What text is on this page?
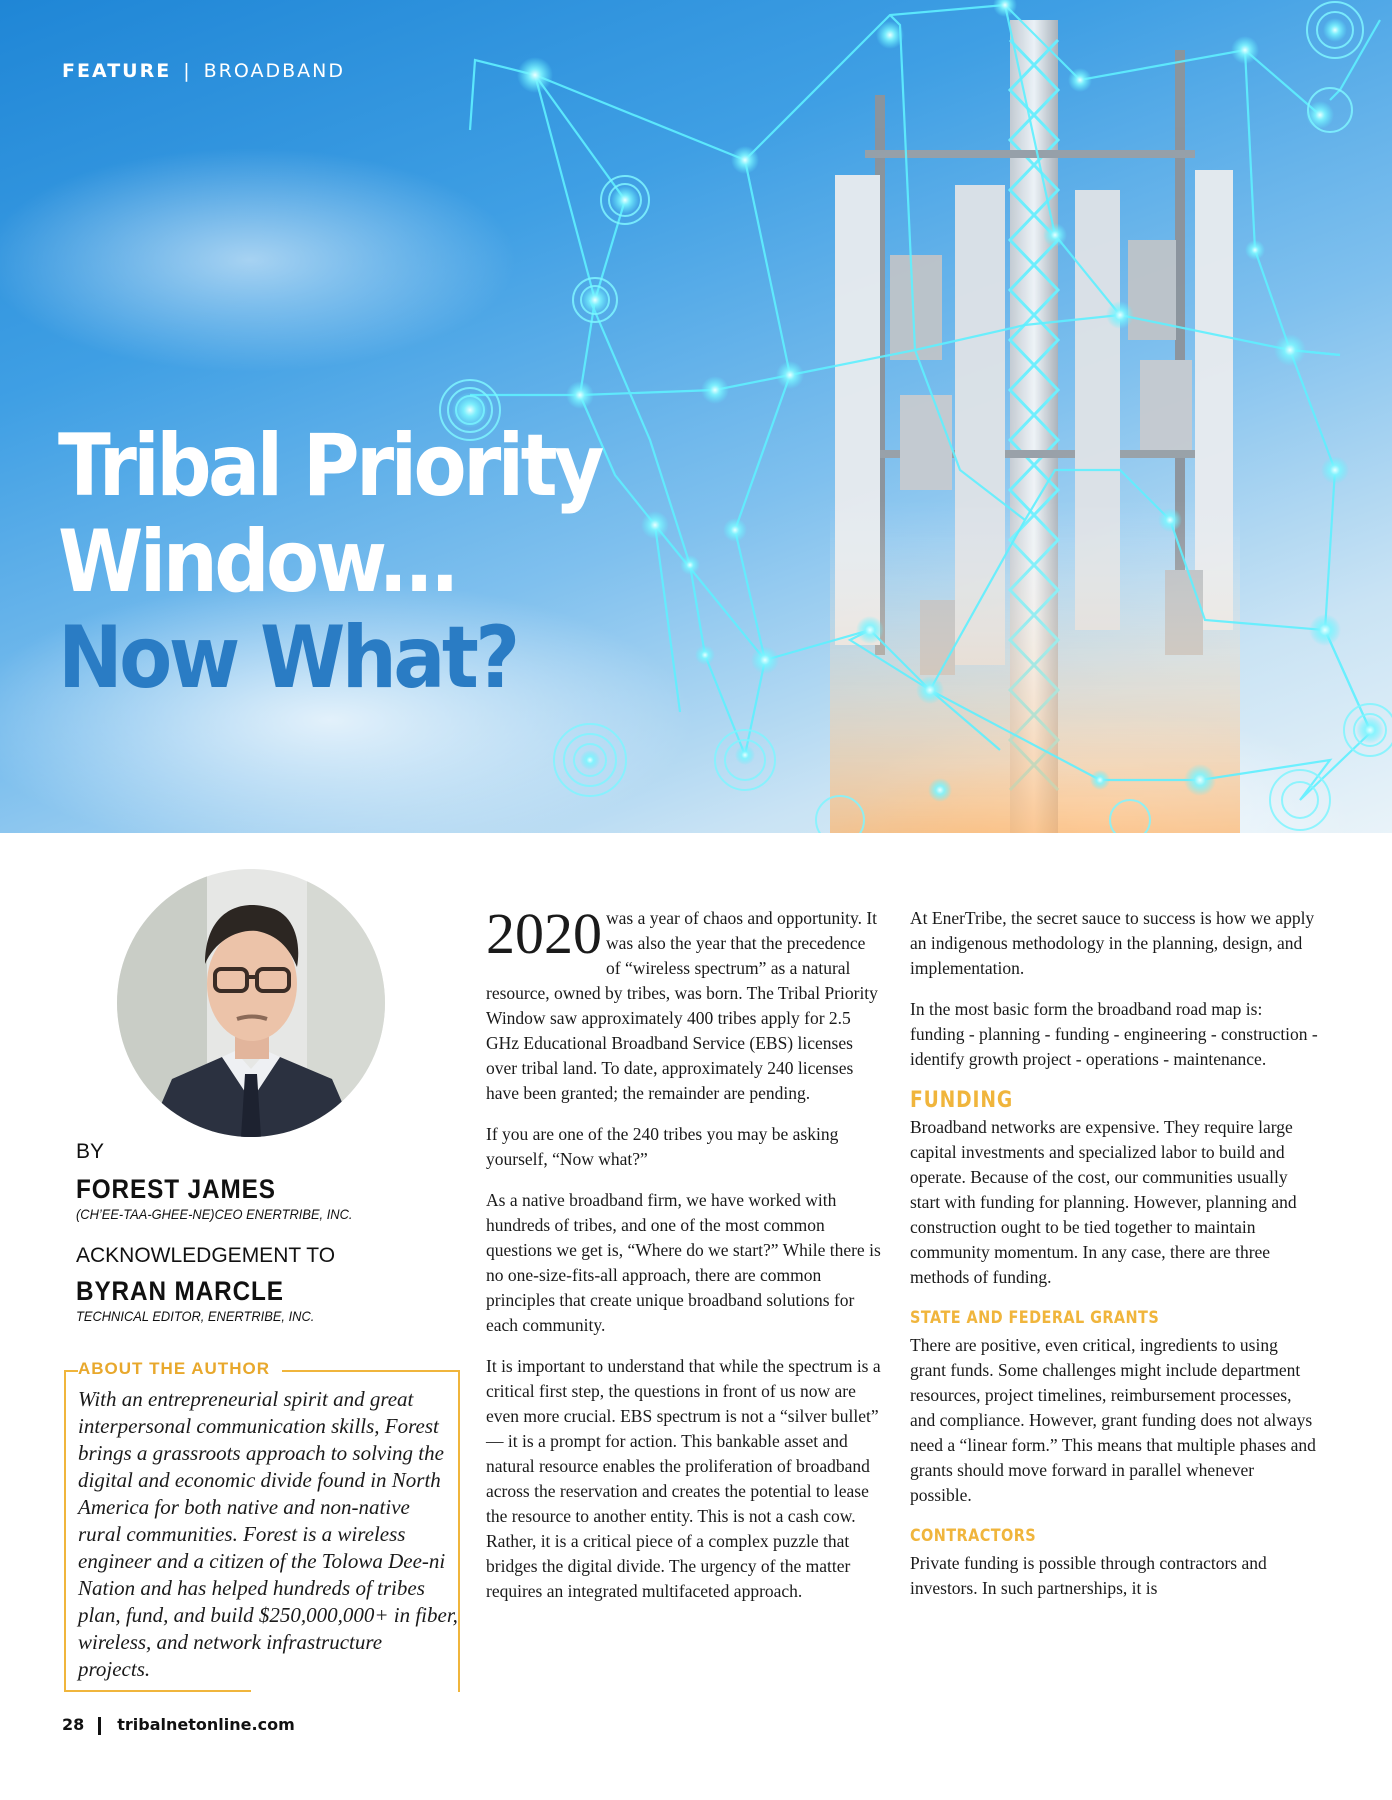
FEATURE | BROADBAND
Tribal Priority
Window...
Now What?
BY
FOREST JAMES
(CH’EE-TAA-GHEE-NE)CEO ENERTRIBE, INC.
ACKNOWLEDGEMENT TO
BYRAN MARCLE
TECHNICAL EDITOR, ENERTRIBE, INC.
ABOUT THE AUTHOR
With an entrepreneurial spirit and great interpersonal communication skills, Forest brings a grassroots approach to solving the digital and economic divide found in North America for both native and non-native rural communities. Forest is a wireless engineer and a citizen of the Tolowa Dee-ni Nation and has helped hundreds of tribes plan, fund, and build $250,000,000+ in fiber, wireless, and network infrastructure projects.
28 tribalnetonline.com

2020 was a year of chaos and opportunity. It was also the year that the precedence of “wireless spectrum” as a natural resource, owned by tribes, was born. The Tribal Priority Window saw approximately 400 tribes apply for 2.5 GHz Educational Broadband Service (EBS) licenses over tribal land. To date, approximately 240 licenses have been granted; the remainder are pending.

If you are one of the 240 tribes you may be asking yourself, “Now what?”

As a native broadband firm, we have worked with hundreds of tribes, and one of the most common questions we get is, “Where do we start?” While there is no one-size-fits-all approach, there are common principles that create unique broadband solutions for each community.

It is important to understand that while the spectrum is a critical first step, the questions in front of us now are even more crucial. EBS spectrum is not a “silver bullet” — it is a prompt for action. This bankable asset and natural resource enables the proliferation of broadband across the reservation and creates the potential to lease the resource to another entity. This is not a cash cow. Rather, it is a critical piece of a complex puzzle that bridges the digital divide. The urgency of the matter requires an integrated multifaceted approach.

At EnerTribe, the secret sauce to success is how we apply an indigenous methodology in the planning, design, and implementation.

In the most basic form the broadband road map is: funding - planning - funding - engineering - construction - identify growth project - operations - maintenance.

FUNDING

Broadband networks are expensive. They require large capital investments and specialized labor to build and operate. Because of the cost, our communities usually start with funding for planning. However, planning and construction ought to be tied together to maintain community momentum. In any case, there are three methods of funding.

STATE AND FEDERAL GRANTS

There are positive, even critical, ingredients to using grant funds. Some challenges might include department resources, project timelines, reimbursement processes, and compliance. However, grant funding does not always need a “linear form.” This means that multiple phases and grants should move forward in parallel whenever possible.

CONTRACTORS

Private funding is possible through contractors and investors. In such partnerships, it is
